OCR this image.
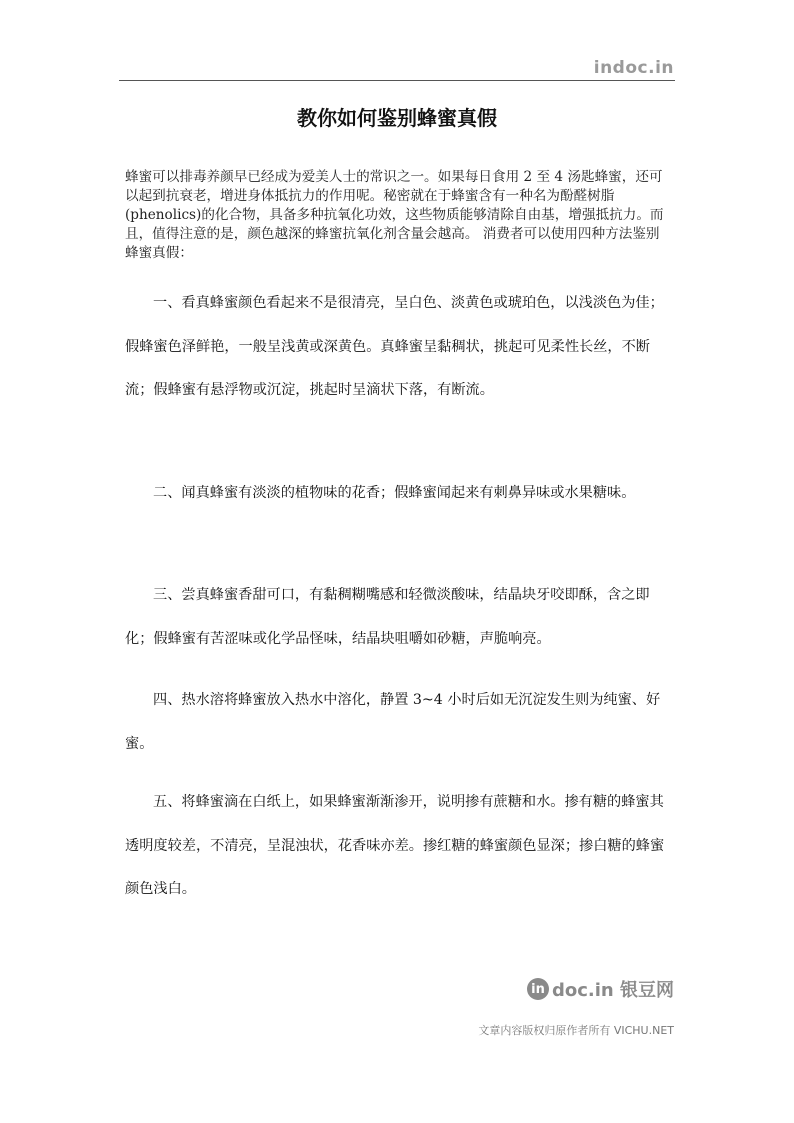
indoc.in
教你如何鉴别蜂蜜真假

蜂蜜可以排毒养颜早已经成为爱美人士的常识之一。如果每日食用 2 至 4 汤匙蜂蜜，还可以起到抗衰老，增进身体抵抗力的作用呢。秘密就在于蜂蜜含有一种名为酚醛树脂(phenolics)的化合物，具备多种抗氧化功效，这些物质能够清除自由基，增强抵抗力。而且，值得注意的是，颜色越深的蜂蜜抗氧化剂含量会越高。 消费者可以使用四种方法鉴别蜂蜜真假：

一、看真蜂蜜颜色看起来不是很清亮，呈白色、淡黄色或琥珀色，以浅淡色为佳；假蜂蜜色泽鲜艳，一般呈浅黄或深黄色。真蜂蜜呈黏稠状，挑起可见柔性长丝，不断流；假蜂蜜有悬浮物或沉淀，挑起时呈滴状下落，有断流。

二、闻真蜂蜜有淡淡的植物味的花香；假蜂蜜闻起来有刺鼻异味或水果糖味。

三、尝真蜂蜜香甜可口，有黏稠糊嘴感和轻微淡酸味，结晶块牙咬即酥，含之即化；假蜂蜜有苦涩味或化学品怪味，结晶块咀嚼如砂糖，声脆响亮。

四、热水溶将蜂蜜放入热水中溶化，静置 3~4 小时后如无沉淀发生则为纯蜜、好蜜。

五、将蜂蜜滴在白纸上，如果蜂蜜渐渐渗开，说明掺有蔗糖和水。掺有糖的蜂蜜其透明度较差，不清亮，呈混浊状，花香味亦差。掺红糖的蜂蜜颜色显深；掺白糖的蜂蜜颜色浅白。

in doc.in 银豆网
文章内容版权归原作者所有 VICHU.NET
